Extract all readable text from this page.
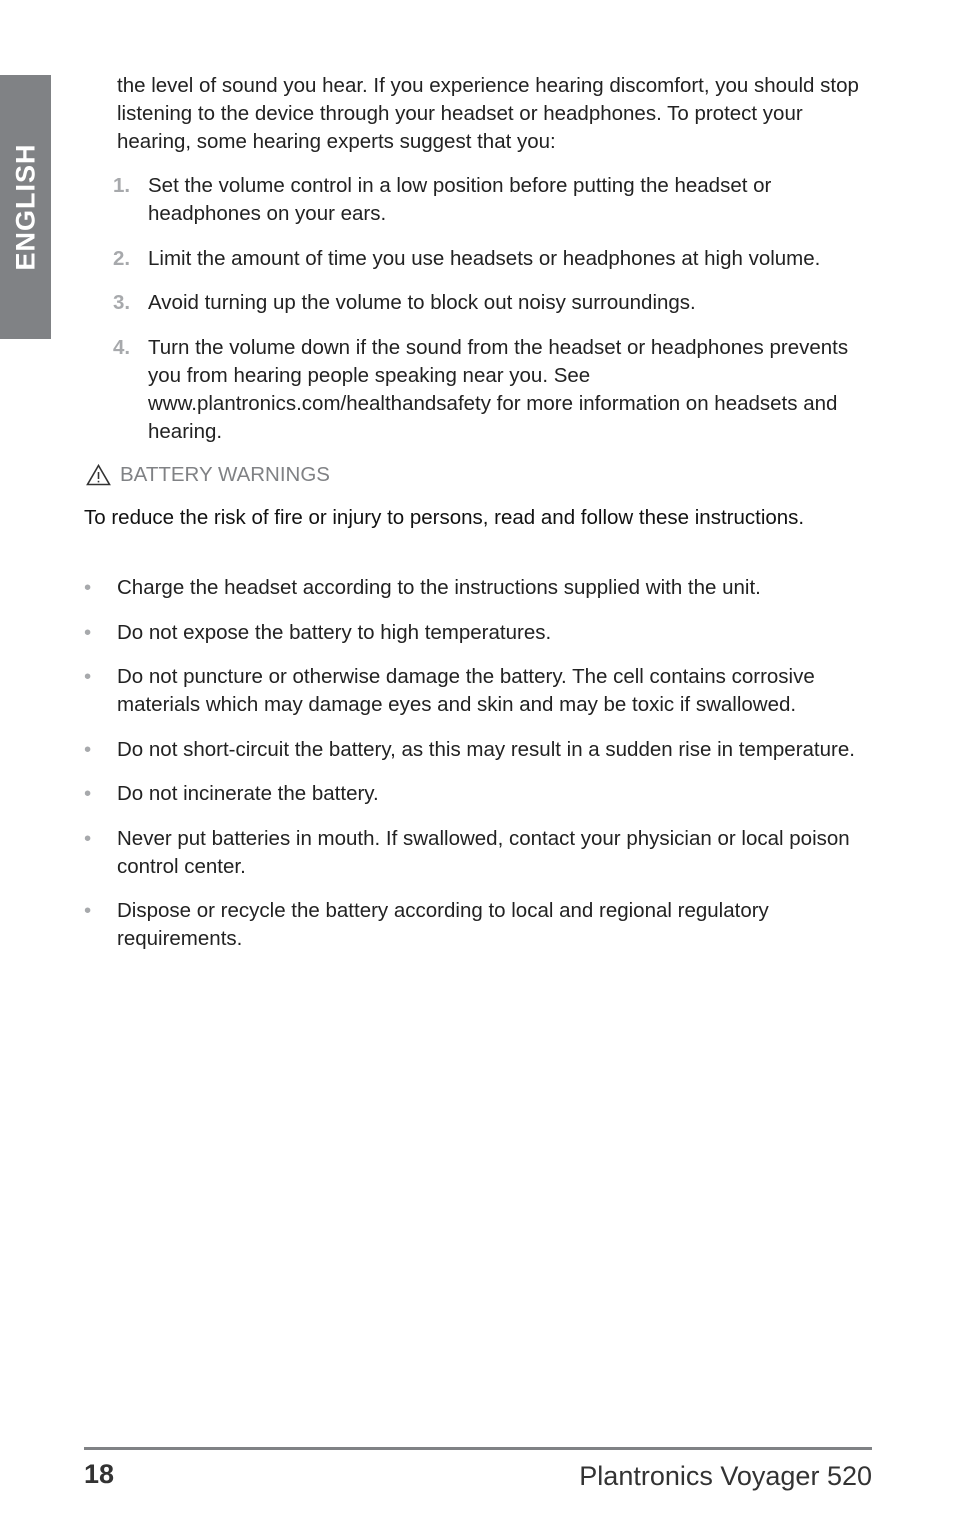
ENGLISH

the level of sound you hear. If you experience hearing discomfort, you should stop listening to the device through your headset or headphones. To protect your hearing, some hearing experts suggest that you:

1. Set the volume control in a low position before putting the headset or headphones on your ears.
2. Limit the amount of time you use headsets or headphones at high volume.
3. Avoid turning up the volume to block out noisy surroundings.
4. Turn the volume down if the sound from the headset or headphones prevents you from hearing people speaking near you. See www.plantronics.com/healthandsafety for more information on headsets and hearing.
BATTERY WARNINGS

To reduce the risk of fire or injury to persons, read and follow these instructions.

• Charge the headset according to the instructions supplied with the unit.
• Do not expose the battery to high temperatures.
• Do not puncture or otherwise damage the battery. The cell contains corrosive materials which may damage eyes and skin and may be toxic if swallowed.
• Do not short-circuit the battery, as this may result in a sudden rise in temperature.
• Do not incinerate the battery.
• Never put batteries in mouth. If swallowed, contact your physician or local poison control center.
• Dispose or recycle the battery according to local and regional regulatory requirements.
18	Plantronics Voyager 520
